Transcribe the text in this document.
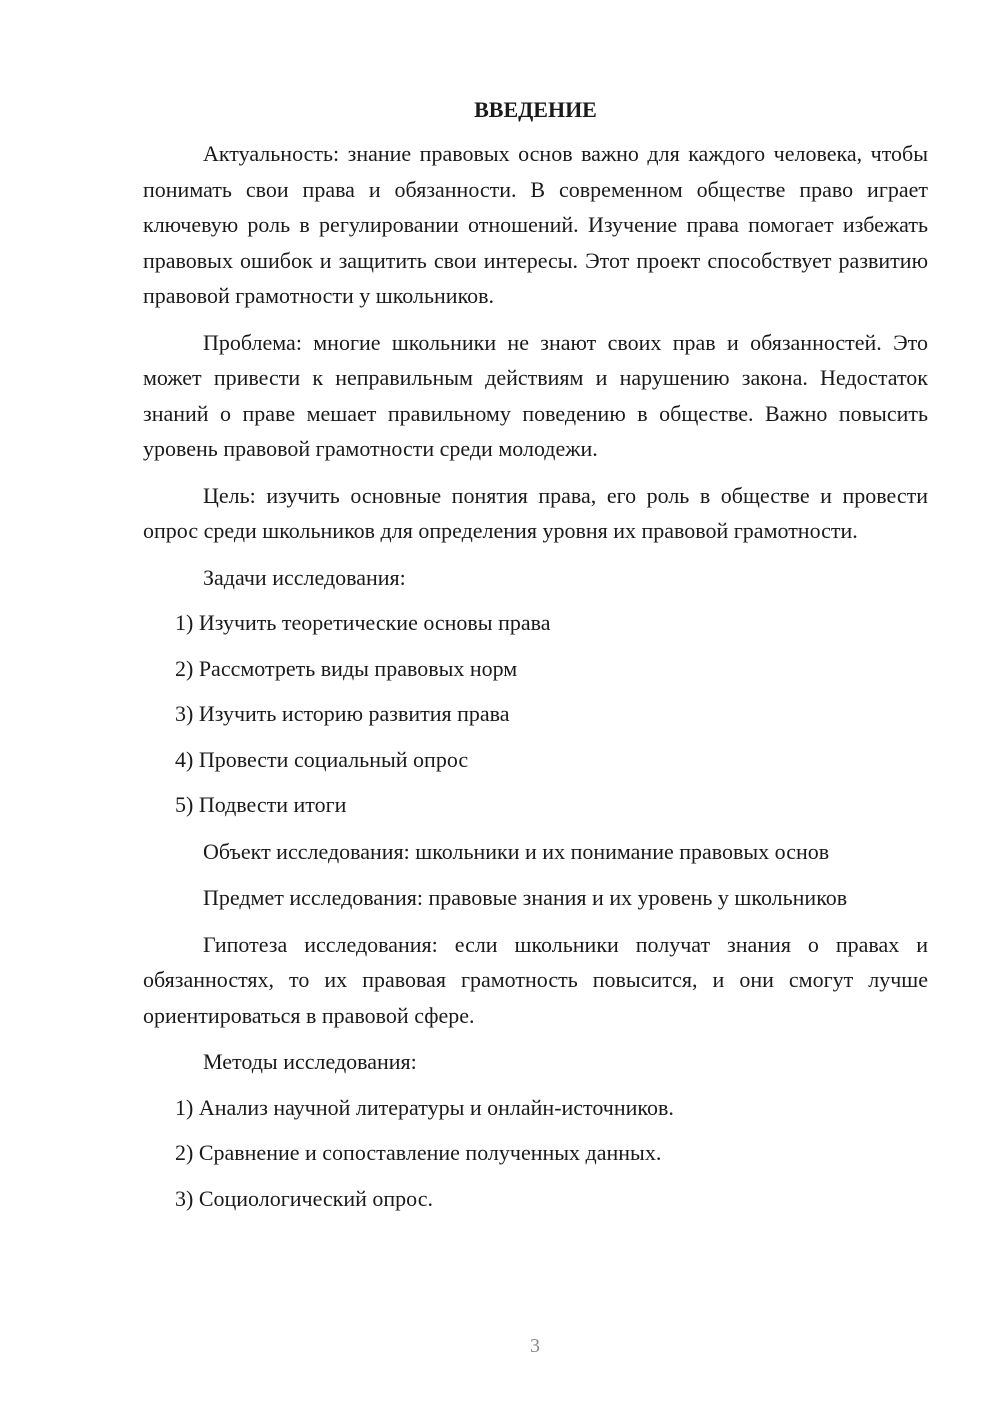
ВВЕДЕНИЕ

Актуальность: знание правовых основ важно для каждого человека, чтобы понимать свои права и обязанности. В современном обществе право играет ключевую роль в регулировании отношений. Изучение права помогает избежать правовых ошибок и защитить свои интересы. Этот проект способствует развитию правовой грамотности у школьников.

Проблема: многие школьники не знают своих прав и обязанностей. Это может привести к неправильным действиям и нарушению закона. Недостаток знаний о праве мешает правильному поведению в обществе. Важно повысить уровень правовой грамотности среди молодежи.

Цель: изучить основные понятия права, его роль в обществе и провести опрос среди школьников для определения уровня их правовой грамотности.

Задачи исследования:

1) Изучить теоретические основы права
2) Рассмотреть виды правовых норм
3) Изучить историю развития права
4) Провести социальный опрос
5) Подвести итоги

Объект исследования: школьники и их понимание правовых основ

Предмет исследования: правовые знания и их уровень у школьников

Гипотеза исследования: если школьники получат знания о правах и обязанностях, то их правовая грамотность повысится, и они смогут лучше ориентироваться в правовой сфере.

Методы исследования:

1) Анализ научной литературы и онлайн-источников.
2) Сравнение и сопоставление полученных данных.
3) Социологический опрос.
3
